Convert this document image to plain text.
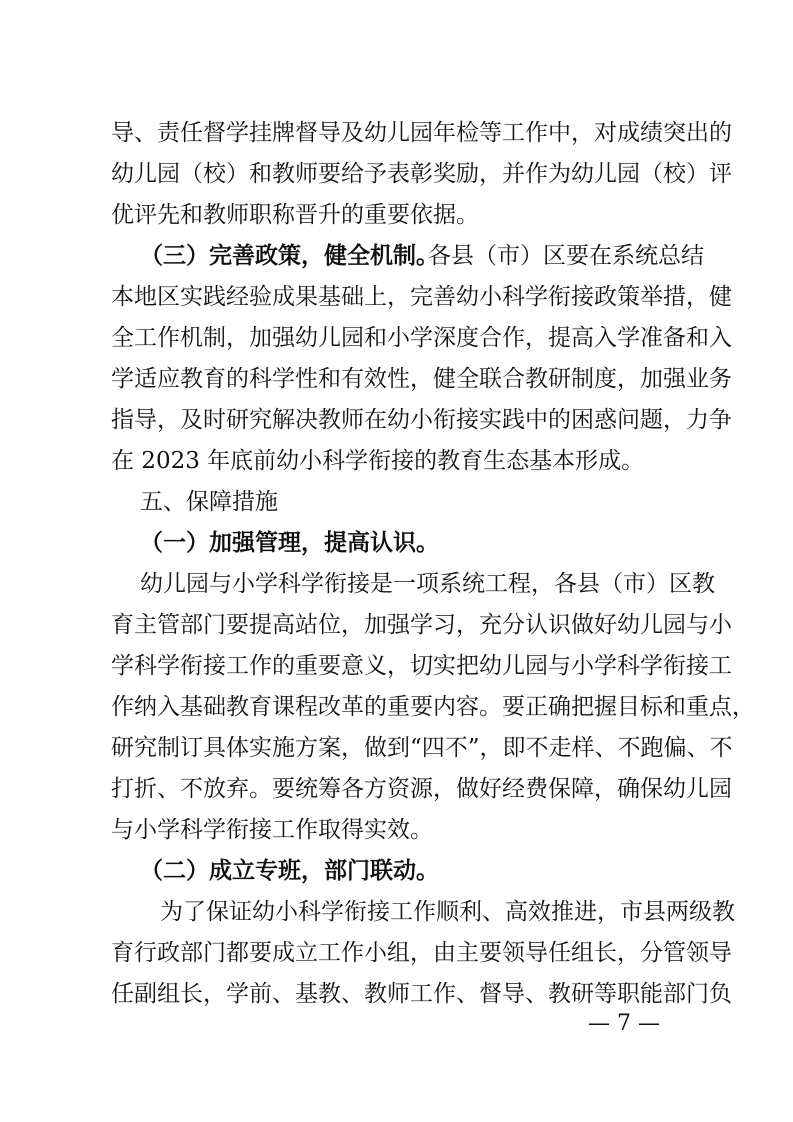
导、责任督学挂牌督导及幼儿园年检等工作中，对成绩突出的
幼儿园（校）和教师要给予表彰奖励，并作为幼儿园（校）评
优评先和教师职称晋升的重要依据。
（三）完善政策，健全机制。
各县（市）区要在系统总结
本地区实践经验成果基础上，完善幼小科学衔接政策举措，健
全工作机制，加强幼儿园和小学深度合作，提高入学准备和入
学适应教育的科学性和有效性，健全联合教研制度，加强业务
指导，及时研究解决教师在幼小衔接实践中的困惑问题，力争
在 2023 年底前幼小科学衔接的教育生态基本形成。
五、保障措施
（一）加强管理，提高认识。
幼儿园与小学科学衔接是一项系统工程，各县（市）区教
育主管部门要提高站位，加强学习，充分认识做好幼儿园与小
学科学衔接工作的重要意义，切实把幼儿园与小学科学衔接工
作纳入基础教育课程改革的重要内容。要正确把握目标和重点，
研究制订具体实施方案，做到“四不”，即不走样、不跑偏、不
打折、不放弃。要统筹各方资源，做好经费保障，确保幼儿园
与小学科学衔接工作取得实效。
（二）成立专班，部门联动。
为了保证幼小科学衔接工作顺利、高效推进，市县两级教
育行政部门都要成立工作小组，由主要领导任组长，分管领导
— 7 —
任副组长，学前、基教、教师工作、督导、教研等职能部门负
